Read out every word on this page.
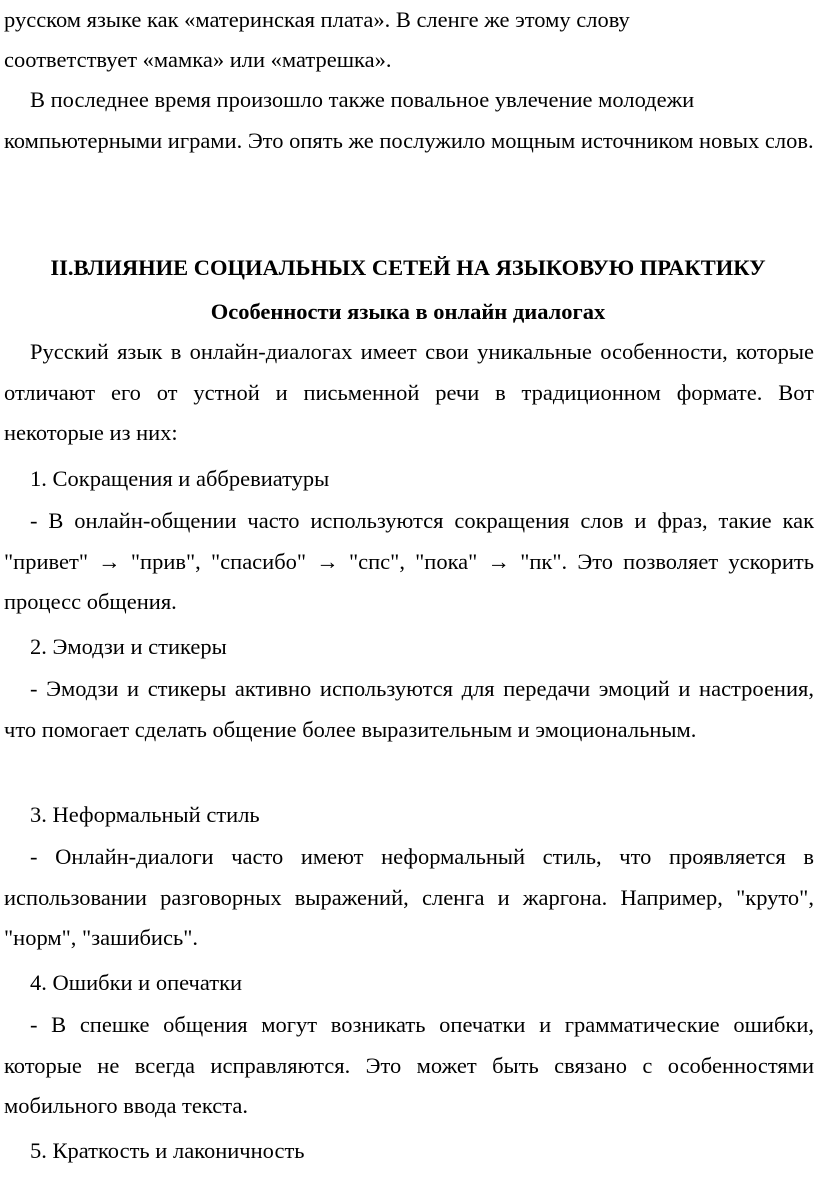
русском языке как «материнская плата». В сленге же этому слову

соответствует «мамка» или «матрешка».

В последнее время произошло также повальное увлечение молодежи компьютерными играми. Это опять же послужило мощным источником новых слов.

II.ВЛИЯНИЕ СОЦИАЛЬНЫХ СЕТЕЙ НА ЯЗЫКОВУЮ ПРАКТИКУ
Особенности языка в онлайн диалогах

Русский язык в онлайн-диалогах имеет свои уникальные особенности, которые отличают его от устной и письменной речи в традиционном формате. Вот некоторые из них:

1. Сокращения и аббревиатуры

- В онлайн-общении часто используются сокращения слов и фраз, такие как "привет" → "прив", "спасибо" → "спс", "пока" → "пк". Это позволяет ускорить процесс общения.

2. Эмодзи и стикеры

- Эмодзи и стикеры активно используются для передачи эмоций и настроения, что помогает сделать общение более выразительным и эмоциональным.

3. Неформальный стиль

- Онлайн-диалоги часто имеют неформальный стиль, что проявляется в использовании разговорных выражений, сленга и жаргона. Например, "круто", "норм", "зашибись".

4. Ошибки и опечатки

- В спешке общения могут возникать опечатки и грамматические ошибки, которые не всегда исправляются. Это может быть связано с особенностями мобильного ввода текста.

5. Краткость и лаконичность
